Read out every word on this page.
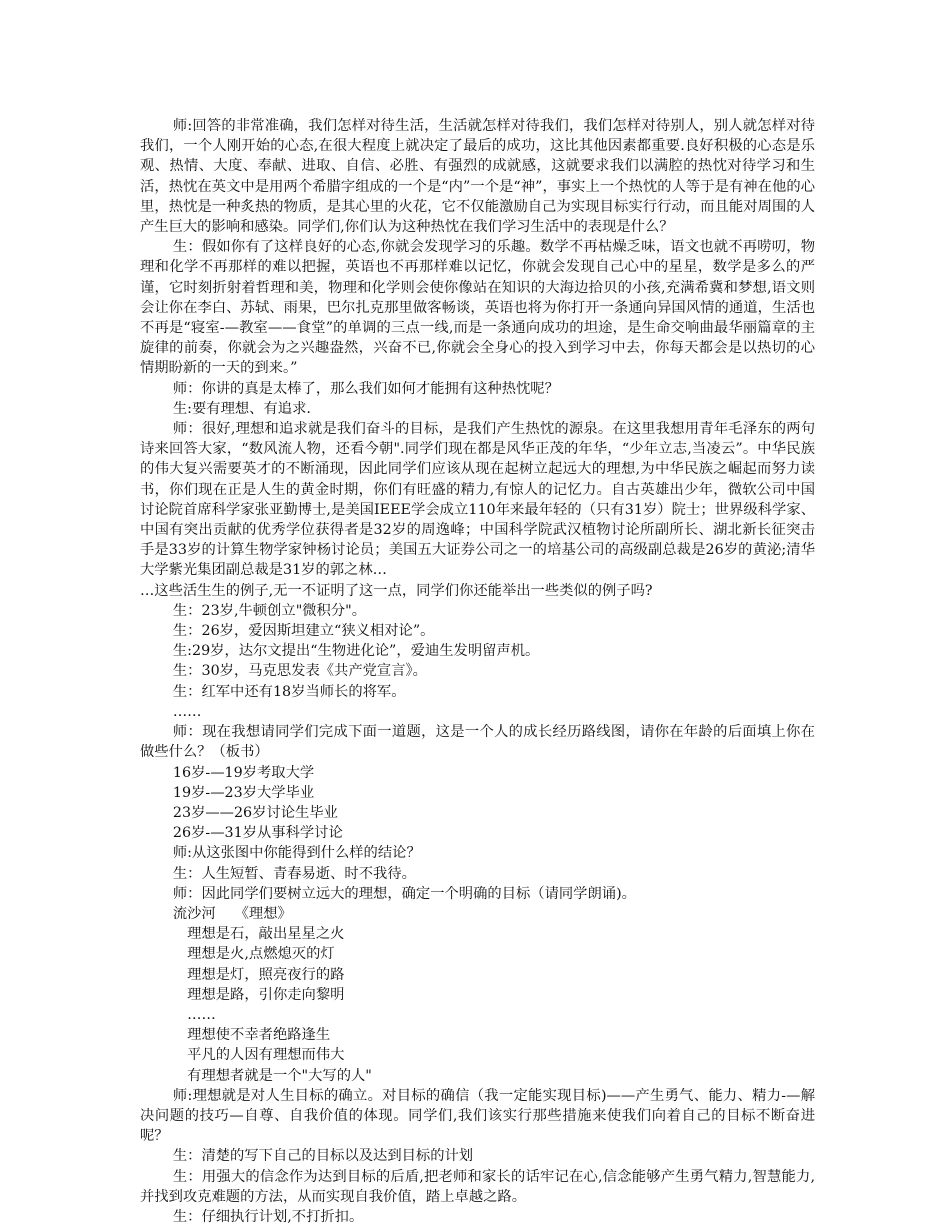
师:回答的非常准确，我们怎样对待生活，生活就怎样对待我们，我们怎样对待别人，别人就怎样对待我们，一个人刚开始的心态,在很大程度上就决定了最后的成功，这比其他因素都重要.良好积极的心态是乐观、热情、大度、奉献、进取、自信、必胜、有强烈的成就感，这就要求我们以满腔的热忱对待学习和生活，热忱在英文中是用两个希腊字组成的一个是“内”一个是“神”，事实上一个热忱的人等于是有神在他的心里，热忱是一种炙热的物质，是其心里的火花，它不仅能激励自己为实现目标实行行动，而且能对周围的人产生巨大的影响和感染。同学们,你们认为这种热忱在我们学习生活中的表现是什么？

生：假如你有了这样良好的心态,你就会发现学习的乐趣。数学不再枯燥乏味，语文也就不再唠叨，物理和化学不再那样的难以把握，英语也不再那样难以记忆，你就会发现自己心中的星星，数学是多么的严谨，它时刻折射着哲理和美，物理和化学则会使你像站在知识的大海边拾贝的小孩,充满希冀和梦想,语文则会让你在李白、苏轼、雨果，巴尔扎克那里做客畅谈，英语也将为你打开一条通向异国风情的通道，生活也不再是“寝室-—教室——食堂”的单调的三点一线,而是一条通向成功的坦途，是生命交响曲最华丽篇章的主旋律的前奏，你就会为之兴趣盎然，兴奋不已,你就会全身心的投入到学习中去，你每天都会是以热切的心情期盼新的一天的到来。”

师：你讲的真是太棒了，那么我们如何才能拥有这种热忱呢？

生:要有理想、有追求.

师：很好,理想和追求就是我们奋斗的目标，是我们产生热忱的源泉。在这里我想用青年毛泽东的两句诗来回答大家，“数风流人物，还看今朝".同学们现在都是风华正茂的年华，“少年立志,当凌云”。中华民族的伟大复兴需要英才的不断涌现，因此同学们应该从现在起树立起远大的理想,为中华民族之崛起而努力读书，你们现在正是人生的黄金时期，你们有旺盛的精力,有惊人的记忆力。自古英雄出少年，微软公司中国讨论院首席科学家张亚勤博士,是美国IEEE学会成立110年来最年轻的（只有31岁）院士；世界级科学家、中国有突出贡献的优秀学位获得者是32岁的周逸峰；中国科学院武汉植物讨论所副所长、湖北新长征突击手是33岁的计算生物学家钟杨讨论员；美国五大证券公司之一的培基公司的高级副总裁是26岁的黄泌;清华大学紫光集团副总裁是31岁的郭之林…

…这些活生生的例子,无一不证明了这一点，同学们你还能举出一些类似的例子吗?

生：23岁,牛顿创立"微积分"。

生：26岁，爱因斯坦建立“狭义相对论”。

生:29岁，达尔文提出“生物进化论”，爱迪生发明留声机。

生：30岁，马克思发表《共产党宣言》。

生：红军中还有18岁当师长的将军。

……

师：现在我想请同学们完成下面一道题，这是一个人的成长经历路线图，请你在年龄的后面填上你在做些什么？（板书）

16岁-—19岁考取大学

19岁-—23岁大学毕业

23岁——26岁讨论生毕业

26岁-—31岁从事科学讨论

师:从这张图中你能得到什么样的结论？

生：人生短暂、青春易逝、时不我待。

师：因此同学们要树立远大的理想，确定一个明确的目标（请同学朗诵)。

流沙河　 《理想》

　理想是石，敲出星星之火

　理想是火,点燃熄灭的灯

　理想是灯，照亮夜行的路

　理想是路，引你走向黎明

　……

　理想使不幸者绝路逢生

　平凡的人因有理想而伟大

　有理想者就是一个"大写的人"

师:理想就是对人生目标的确立。对目标的确信（我一定能实现目标)——产生勇气、能力、精力-—解决问题的技巧—自尊、自我价值的体现。同学们,我们该实行那些措施来使我们向着自己的目标不断奋进呢？

生：清楚的写下自己的目标以及达到目标的计划

生：用强大的信念作为达到目标的后盾,把老师和家长的话牢记在心,信念能够产生勇气精力,智慧能力,并找到攻克难题的方法，从而实现自我价值，踏上卓越之路。

生：仔细执行计划,不打折扣。
